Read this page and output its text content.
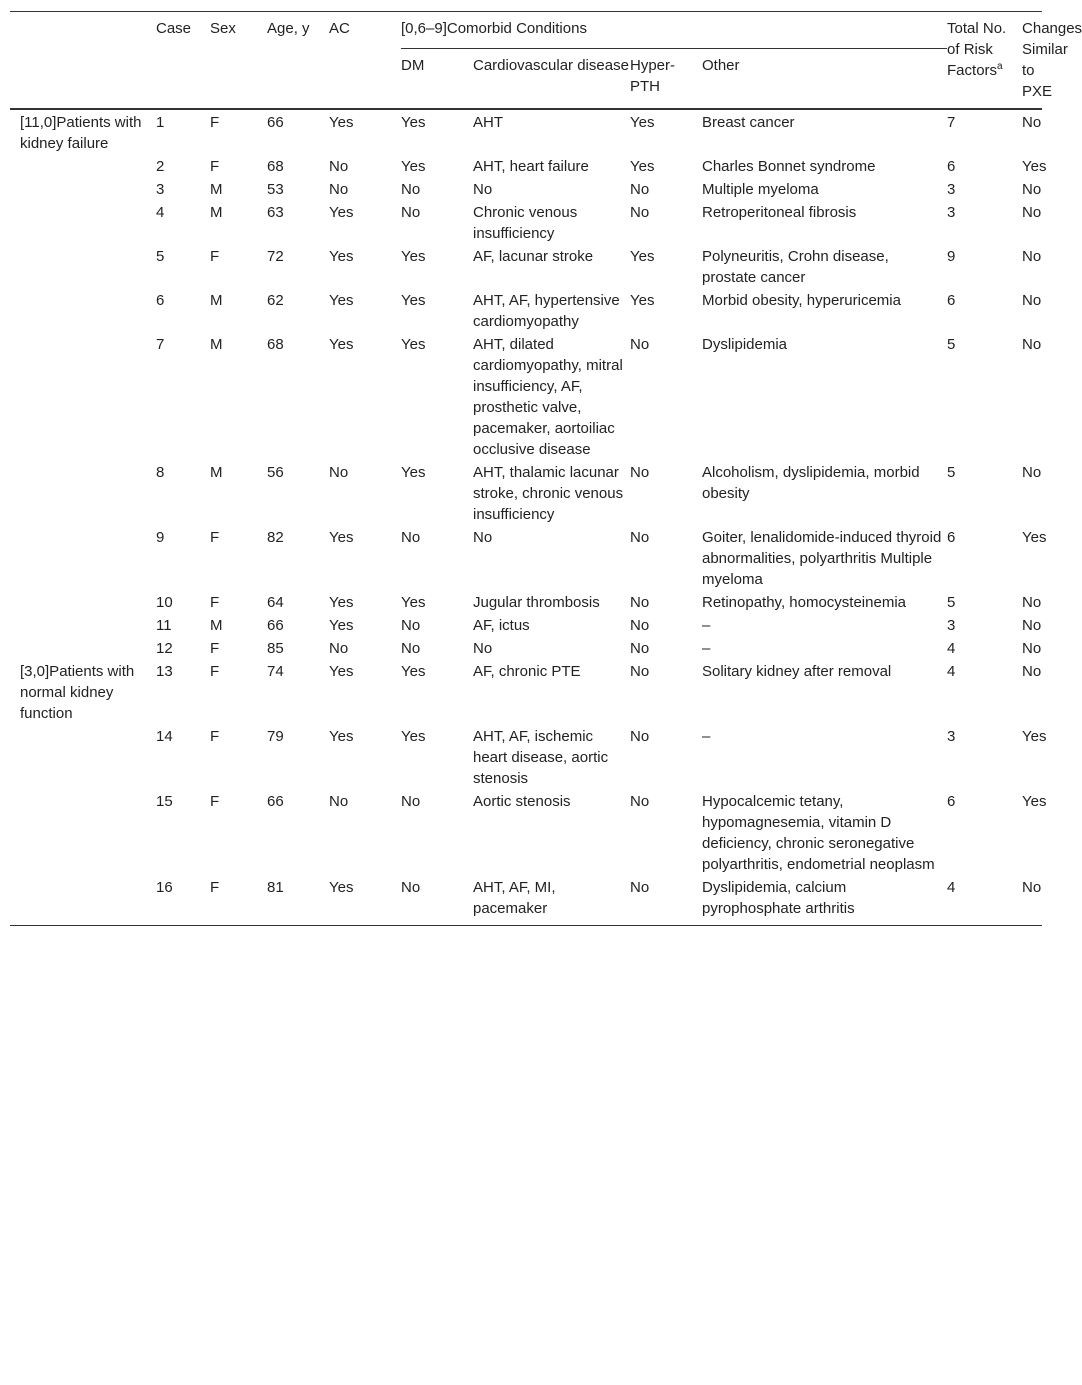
	Case	Sex	Age, y	AC	[0,6–9]Comorbid Conditions				Total No. of Risk Factors$^a$	Changes Similar to PXE
					DM	Cardiovascular disease	Hyper-PTH	Other		
[11,0]Patients with kidney failure	1	F	66	Yes	Yes	AHT	Yes	Breast cancer	7	No
	2	F	68	No	Yes	AHT, heart failure	Yes	Charles Bonnet syndrome	6	Yes
	3	M	53	No	No	No	No	Multiple myeloma	3	No
	4	M	63	Yes	No	Chronic venous insufficiency	No	Retroperitoneal fibrosis	3	No
	5	F	72	Yes	Yes	AF, lacunar stroke	Yes	Polyneuritis, Crohn disease, prostate cancer	9	No
	6	M	62	Yes	Yes	AHT, AF, hypertensive cardiomyopathy	Yes	Morbid obesity, hyperuricemia	6	No
	7	M	68	Yes	Yes	AHT, dilated cardiomyopathy, mitral insufficiency, AF, prosthetic valve, pacemaker, aortoiliac occlusive disease	No	Dyslipidemia	5	No
	8	M	56	No	Yes	AHT, thalamic lacunar stroke, chronic venous insufficiency	No	Alcoholism, dyslipidemia, morbid obesity	5	No
	9	F	82	Yes	No	No	No	Goiter, lenalidomide-induced thyroid abnormalities, polyarthritis Multiple myeloma	6	Yes
	10	F	64	Yes	Yes	Jugular thrombosis	No	Retinopathy, homocysteinemia	5	No
	11	M	66	Yes	No	AF, ictus	No	–	3	No
	12	F	85	No	No	No	No	–	4	No
[3,0]Patients with normal kidney function	13	F	74	Yes	Yes	AF, chronic PTE	No	Solitary kidney after removal	4	No
	14	F	79	Yes	Yes	AHT, AF, ischemic heart disease, aortic stenosis	No	–	3	Yes
	15	F	66	No	No	Aortic stenosis	No	Hypocalcemic tetany, hypomagnesemia, vitamin D deficiency, chronic seronegative polyarthritis, endometrial neoplasm	6	Yes
	16	F	81	Yes	No	AHT, AF, MI, pacemaker	No	Dyslipidemia, calcium pyrophosphate arthritis	4	No
